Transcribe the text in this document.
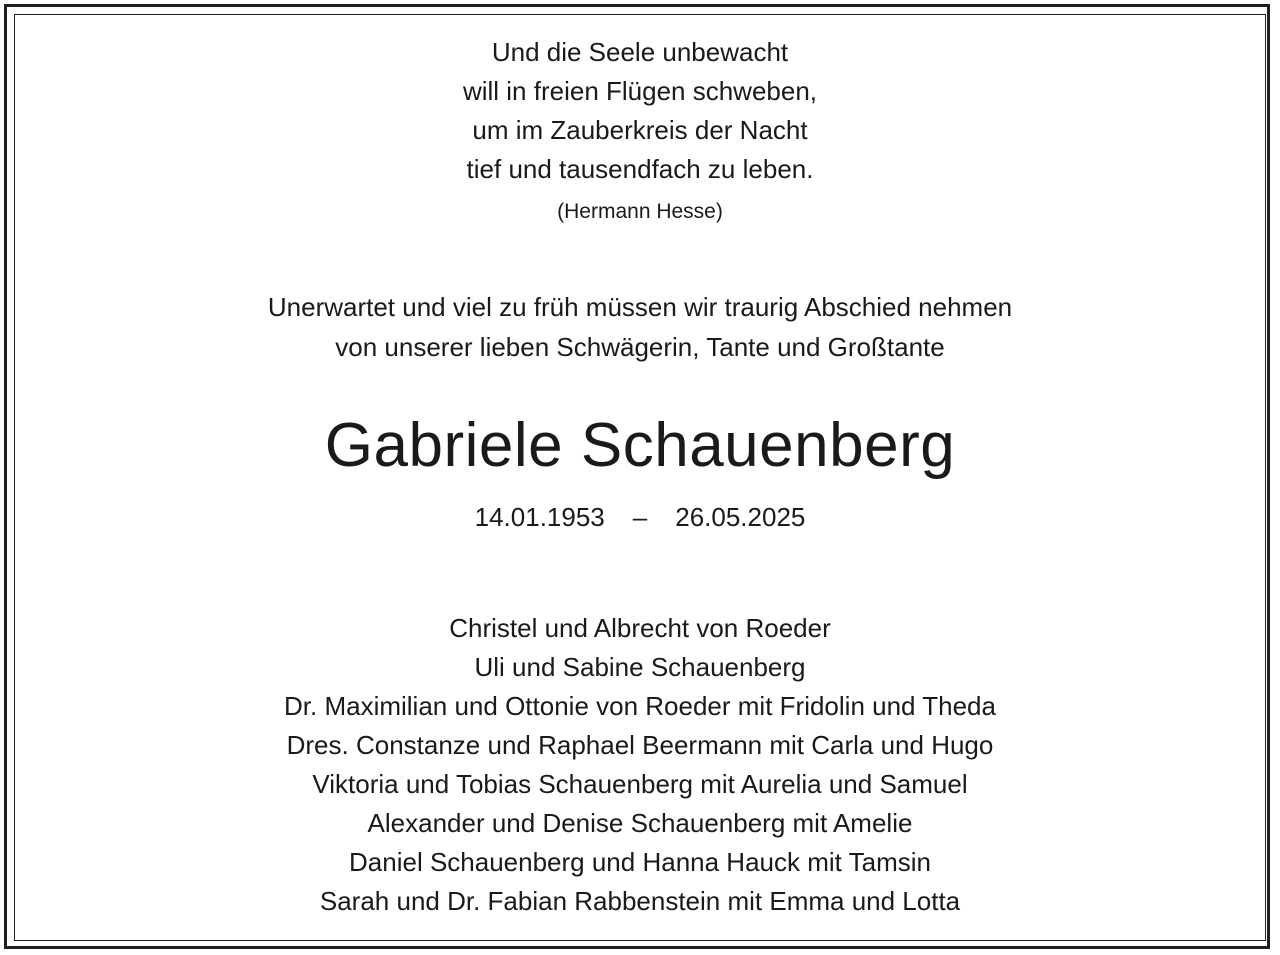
Und die Seele unbewacht
will in freien Flügen schweben,
um im Zauberkreis der Nacht
tief und tausendfach zu leben.
(Hermann Hesse)
Unerwartet und viel zu früh müssen wir traurig Abschied nehmen
von unserer lieben Schwägerin, Tante und Großtante
Gabriele Schauenberg
14.01.1953 – 26.05.2025
Christel und Albrecht von Roeder
Uli und Sabine Schauenberg
Dr. Maximilian und Ottonie von Roeder mit Fridolin und Theda
Dres. Constanze und Raphael Beermann mit Carla und Hugo
Viktoria und Tobias Schauenberg mit Aurelia und Samuel
Alexander und Denise Schauenberg mit Amelie
Daniel Schauenberg und Hanna Hauck mit Tamsin
Sarah und Dr. Fabian Rabbenstein mit Emma und Lotta
